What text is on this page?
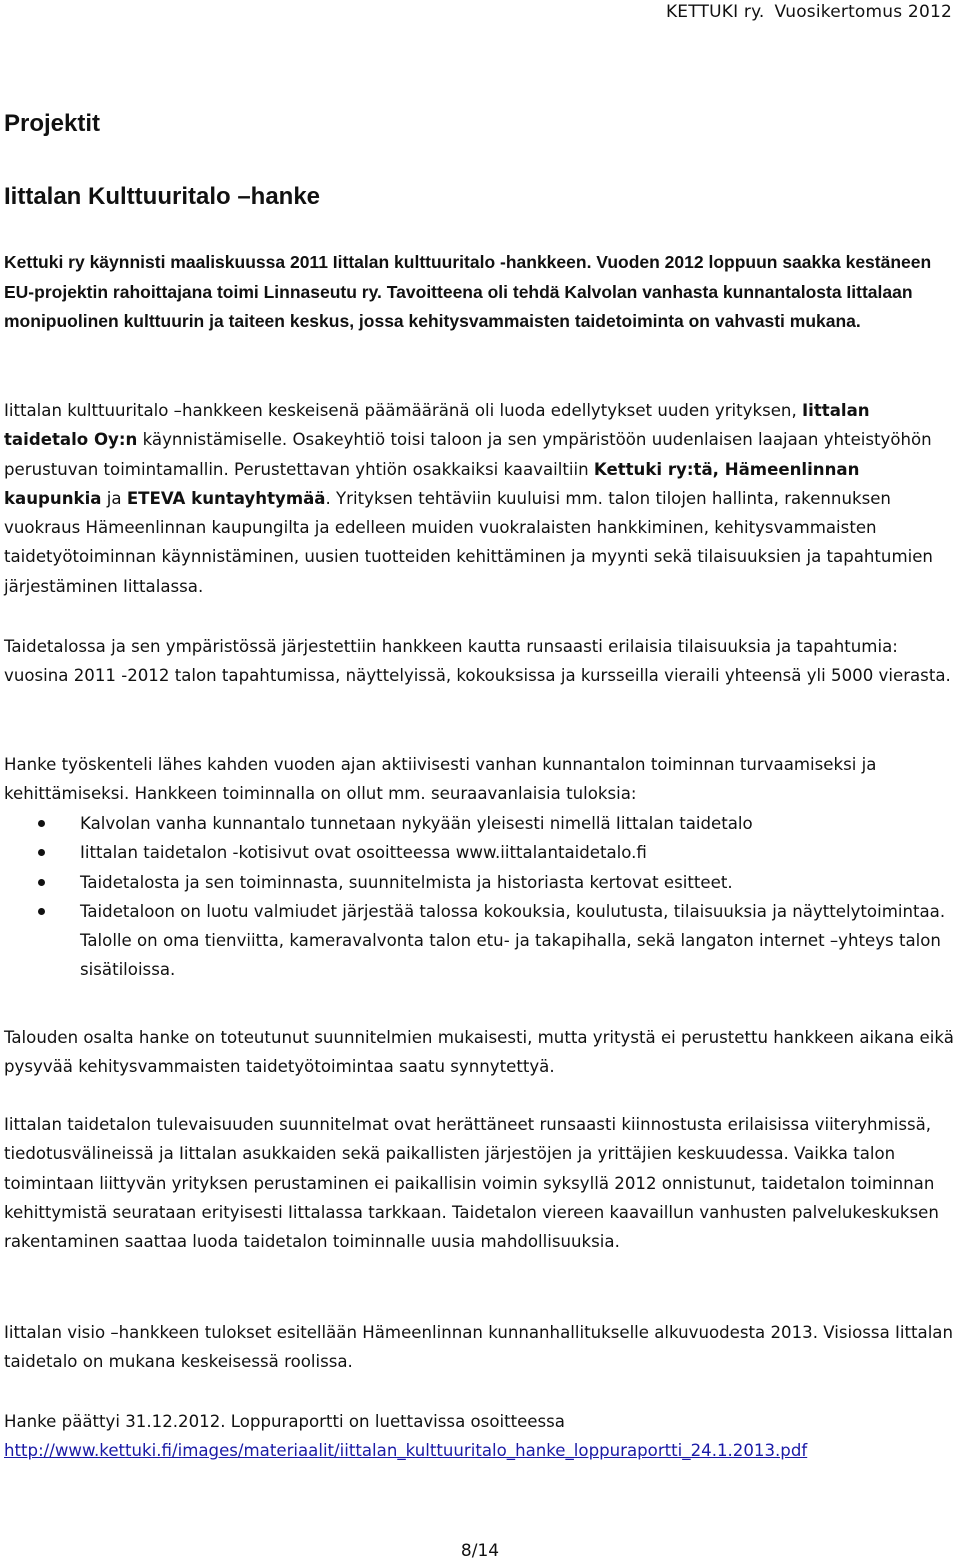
KETTUKI ry. Vuosikertomus 2012
Projektit
Iittalan Kulttuuritalo –hanke

Kettuki ry käynnisti maaliskuussa 2011 Iittalan kulttuuritalo -hankkeen. Vuoden 2012 loppuun saakka kestäneen EU-projektin rahoittajana toimi Linnaseutu ry. Tavoitteena oli tehdä Kalvolan vanhasta kunnantalosta Iittalaan monipuolinen kulttuurin ja taiteen keskus, jossa kehitysvammaisten taidetoiminta on vahvasti mukana.

Iittalan kulttuuritalo –hankkeen keskeisenä päämääränä oli luoda edellytykset uuden yrityksen, Iittalan taidetalo Oy:n käynnistämiselle. Osakeyhtiö toisi taloon ja sen ympäristöön uudenlaisen laajaan yhteistyöhön perustuvan toimintamallin. Perustettavan yhtiön osakkaiksi kaavailtiin Kettuki ry:tä, Hämeenlinnan kaupunkia ja ETEVA kuntayhtymää. Yrityksen tehtäviin kuuluisi mm. talon tilojen hallinta, rakennuksen vuokraus Hämeenlinnan kaupungilta ja edelleen muiden vuokralaisten hankkiminen, kehitysvammaisten taidetyötoiminnan käynnistäminen, uusien tuotteiden kehittäminen ja myynti sekä tilaisuuksien ja tapahtumien järjestäminen Iittalassa.

Taidetalossa ja sen ympäristössä järjestettiin hankkeen kautta runsaasti erilaisia tilaisuuksia ja tapahtumia: vuosina 2011 -2012 talon tapahtumissa, näyttelyissä, kokouksissa ja kursseilla vieraili yhteensä yli 5000 vierasta.

Hanke työskenteli lähes kahden vuoden ajan aktiivisesti vanhan kunnantalon toiminnan turvaamiseksi ja kehittämiseksi. Hankkeen toiminnalla on ollut mm. seuraavanlaisia tuloksia:

Kalvolan vanha kunnantalo tunnetaan nykyään yleisesti nimellä Iittalan taidetalo
Iittalan taidetalon -kotisivut ovat osoitteessa www.iittalantaidetalo.fi
Taidetalosta ja sen toiminnasta, suunnitelmista ja historiasta kertovat esitteet.
Taidetaloon on luotu valmiudet järjestää talossa kokouksia, koulutusta, tilaisuuksia ja näyttelytoimintaa. Talolle on oma tienviitta, kameravalvonta talon etu- ja takapihalla, sekä langaton internet –yhteys talon sisätiloissa.

Talouden osalta hanke on toteutunut suunnitelmien mukaisesti, mutta yritystä ei perustettu hankkeen aikana eikä pysyvää kehitysvammaisten taidetyötoimintaa saatu synnytettyä.

Iittalan taidetalon tulevaisuuden suunnitelmat ovat herättäneet runsaasti kiinnostusta erilaisissa viiteryhmissä, tiedotusvälineissä ja Iittalan asukkaiden sekä paikallisten järjestöjen ja yrittäjien keskuudessa. Vaikka talon toimintaan liittyvän yrityksen perustaminen ei paikallisin voimin syksyllä 2012 onnistunut, taidetalon toiminnan kehittymistä seurataan erityisesti Iittalassa tarkkaan. Taidetalon viereen kaavaillun vanhusten palvelukeskuksen rakentaminen saattaa luoda taidetalon toiminnalle uusia mahdollisuuksia.

Iittalan visio –hankkeen tulokset esitellään Hämeenlinnan kunnanhallitukselle alkuvuodesta 2013. Visiossa Iittalan taidetalo on mukana keskeisessä roolissa.

Hanke päättyi 31.12.2012. Loppuraportti on luettavissa osoitteessa
http://www.kettuki.fi/images/materiaalit/iittalan_kulttuuritalo_hanke_loppuraportti_24.1.2013.pdf

8/14
